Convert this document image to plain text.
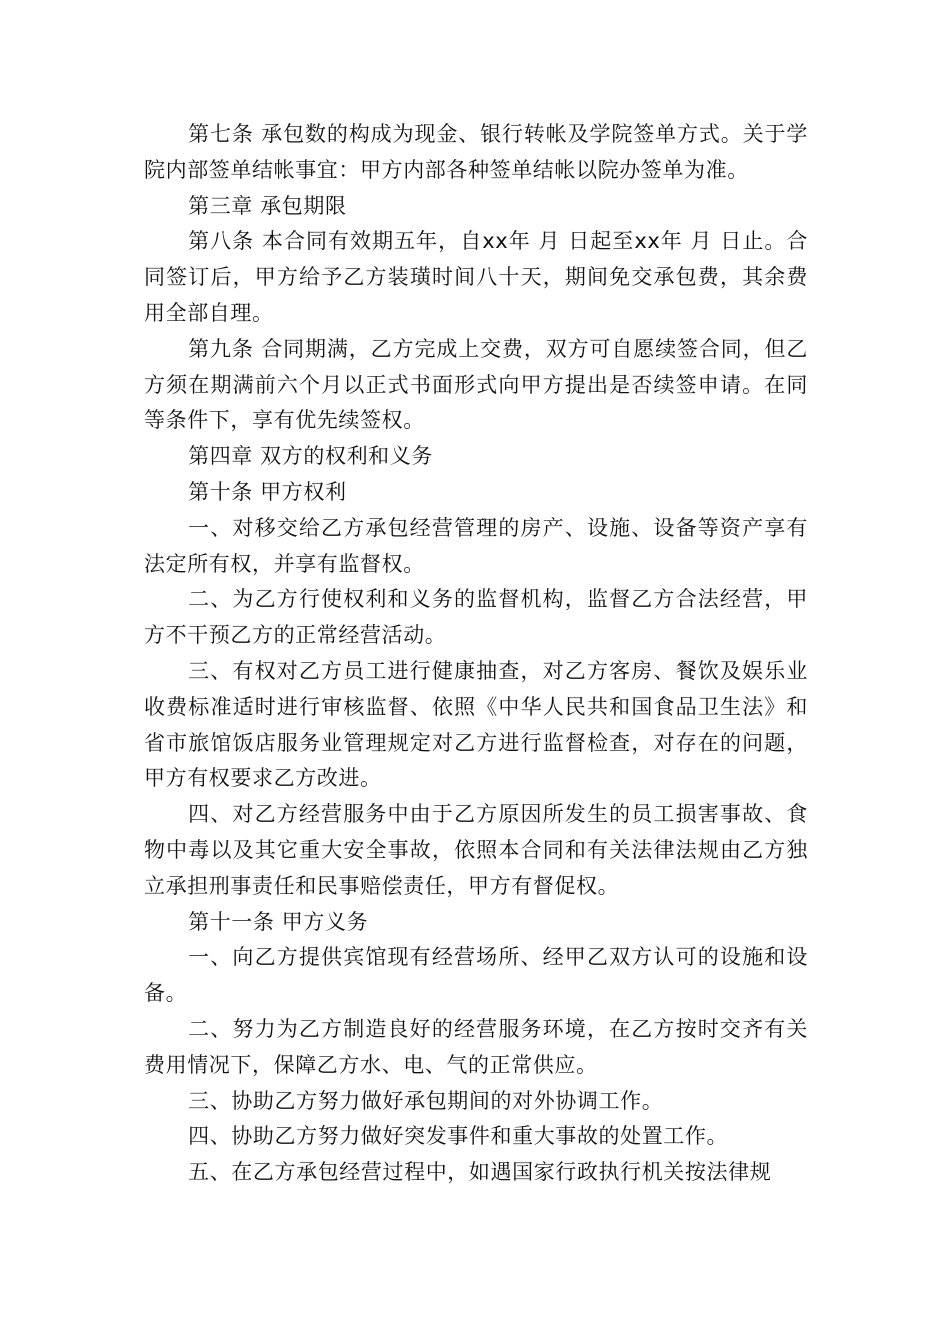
第七条 承包数的构成为现金、银行转帐及学院签单方式。关于学院内部签单结帐事宜：甲方内部各种签单结帐以院办签单为准。

第三章 承包期限

第八条 本合同有效期五年，自xx年 月 日起至xx年 月 日止。合同签订后，甲方给予乙方装璜时间八十天，期间免交承包费，其余费用全部自理。

第九条 合同期满，乙方完成上交费，双方可自愿续签合同，但乙方须在期满前六个月以正式书面形式向甲方提出是否续签申请。在同等条件下，享有优先续签权。

第四章 双方的权利和义务

第十条 甲方权利

一、对移交给乙方承包经营管理的房产、设施、设备等资产享有法定所有权，并享有监督权。

二、为乙方行使权利和义务的监督机构，监督乙方合法经营，甲方不干预乙方的正常经营活动。

三、有权对乙方员工进行健康抽查，对乙方客房、餐饮及娱乐业收费标准适时进行审核监督、依照《中华人民共和国食品卫生法》和省市旅馆饭店服务业管理规定对乙方进行监督检查，对存在的问题，甲方有权要求乙方改进。

四、对乙方经营服务中由于乙方原因所发生的员工损害事故、食物中毒以及其它重大安全事故，依照本合同和有关法律法规由乙方独立承担刑事责任和民事赔偿责任，甲方有督促权。

第十一条 甲方义务

一、向乙方提供宾馆现有经营场所、经甲乙双方认可的设施和设备。

二、努力为乙方制造良好的经营服务环境，在乙方按时交齐有关费用情况下，保障乙方水、电、气的正常供应。

三、协助乙方努力做好承包期间的对外协调工作。

四、协助乙方努力做好突发事件和重大事故的处置工作。

五、在乙方承包经营过程中，如遇国家行政执行机关按法律规
